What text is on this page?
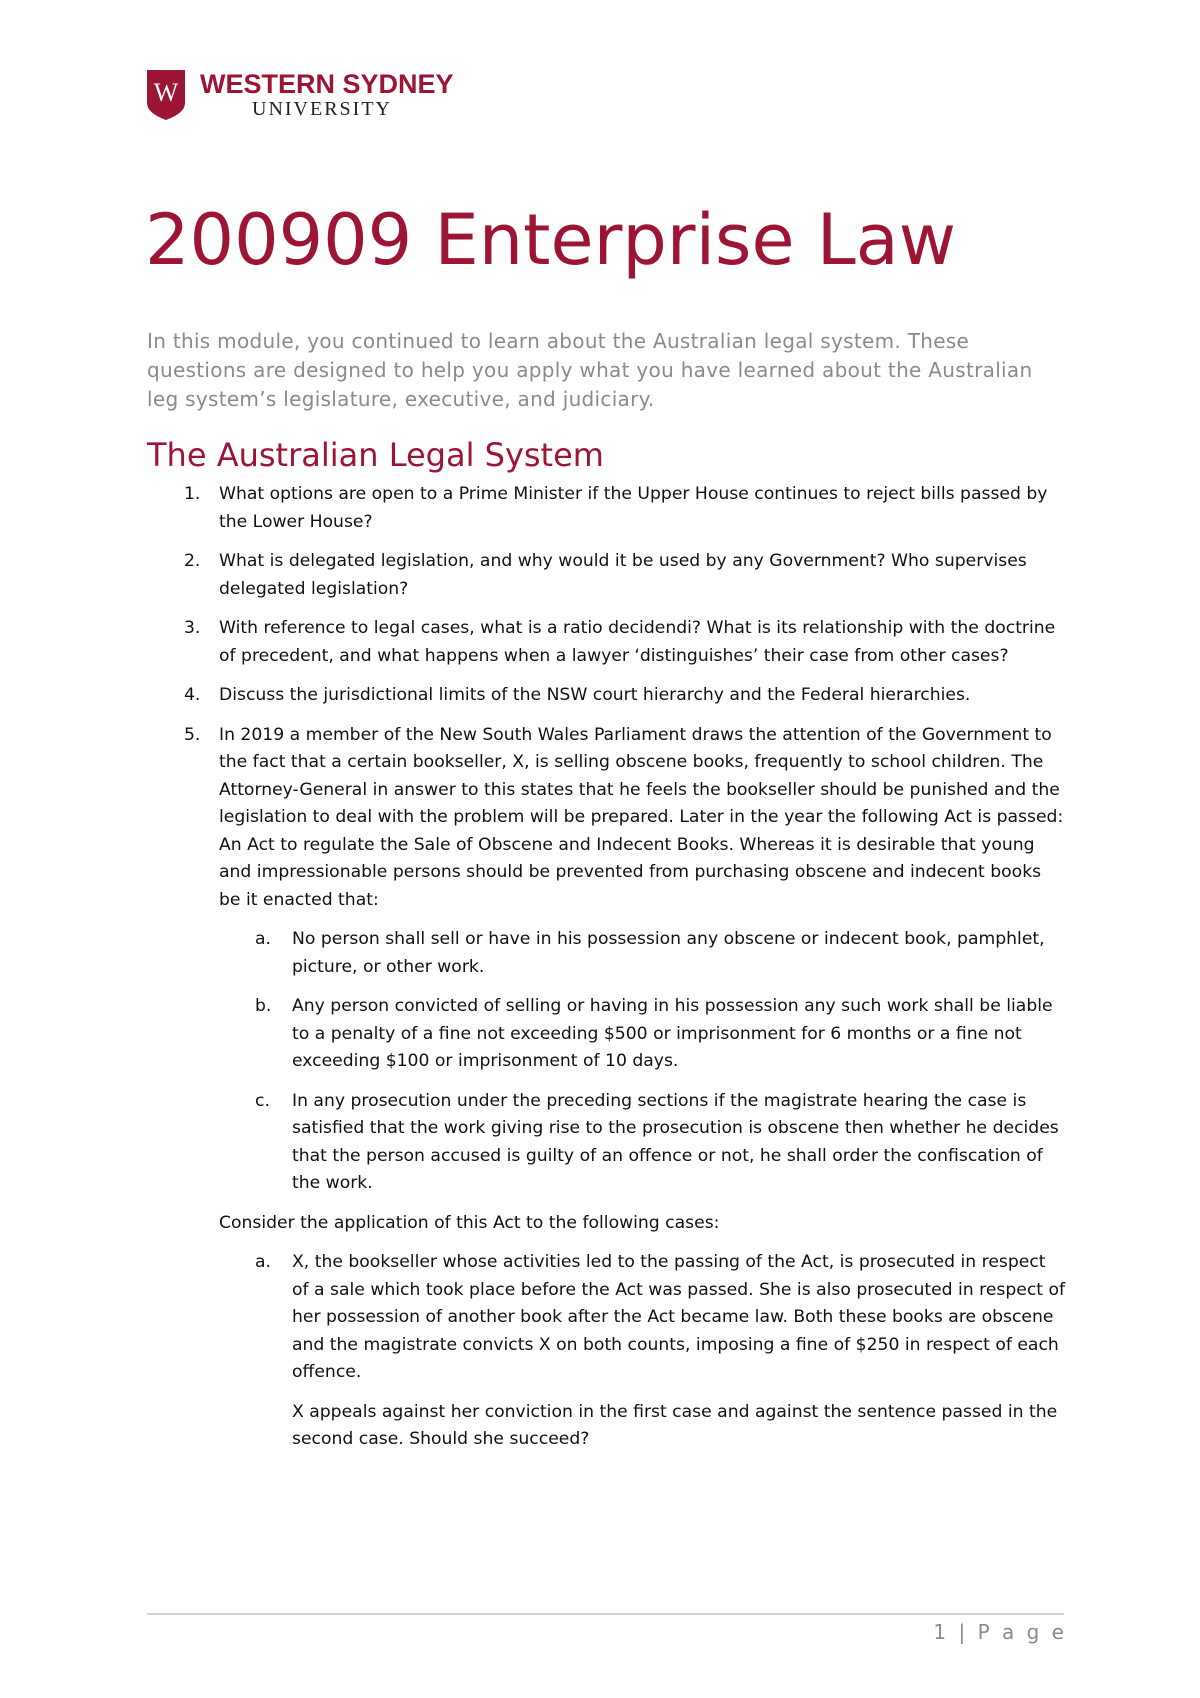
W WESTERN SYDNEY
UNIVERSITY
200909 Enterprise Law

In this module, you continued to learn about the Australian legal system. These questions are designed to help you apply what you have learned about the Australian leg system’s legislature, executive, and judiciary.

The Australian Legal System
1. What options are open to a Prime Minister if the Upper House continues to reject bills passed by the Lower House?

2. What is delegated legislation, and why would it be used by any Government? Who supervises delegated legislation?

3. With reference to legal cases, what is a ratio decidendi? What is its relationship with the doctrine of precedent, and what happens when a lawyer ‘distinguishes’ their case from other cases?

4. Discuss the jurisdictional limits of the NSW court hierarchy and the Federal hierarchies.

5. In 2019 a member of the New South Wales Parliament draws the attention of the Government to the fact that a certain bookseller, X, is selling obscene books, frequently to school children. The Attorney-General in answer to this states that he feels the bookseller should be punished and the legislation to deal with the problem will be prepared. Later in the year the following Act is passed:

An Act to regulate the Sale of Obscene and Indecent Books. Whereas it is desirable that young and impressionable persons should be prevented from purchasing obscene and indecent books be it enacted that:

a. No person shall sell or have in his possession any obscene or indecent book, pamphlet, picture, or other work.

b. Any person convicted of selling or having in his possession any such work shall be liable to a penalty of a fine not exceeding $500 or imprisonment for 6 months or a fine not exceeding $100 or imprisonment of 10 days.

c. In any prosecution under the preceding sections if the magistrate hearing the case is satisfied that the work giving rise to the prosecution is obscene then whether he decides that the person accused is guilty of an offence or not, he shall order the confiscation of the work.

Consider the application of this Act to the following cases:

a. X, the bookseller whose activities led to the passing of the Act, is prosecuted in respect of a sale which took place before the Act was passed. She is also prosecuted in respect of her possession of another book after the Act became law. Both these books are obscene and the magistrate convicts X on both counts, imposing a fine of $250 in respect of each offence.

X appeals against her conviction in the first case and against the sentence passed in the second case. Should she succeed?

1 | P a g e
